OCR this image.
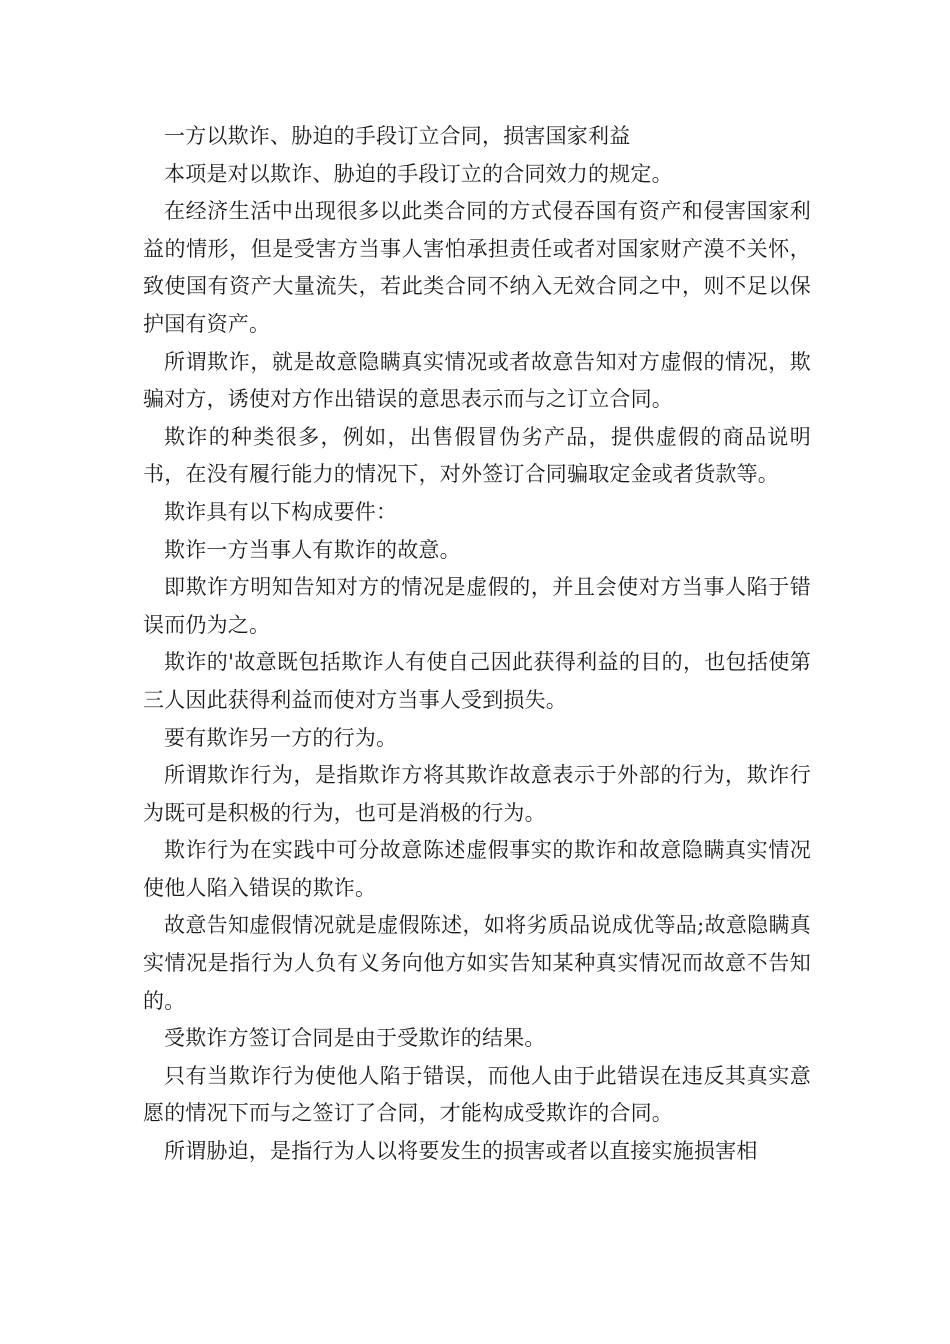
一方以欺诈、胁迫的手段订立合同，损害国家利益

本项是对以欺诈、胁迫的手段订立的合同效力的规定。

在经济生活中出现很多以此类合同的方式侵吞国有资产和侵害国家利益的情形，但是受害方当事人害怕承担责任或者对国家财产漠不关怀，致使国有资产大量流失，若此类合同不纳入无效合同之中，则不足以保护国有资产。

所谓欺诈，就是故意隐瞒真实情况或者故意告知对方虚假的情况，欺骗对方，诱使对方作出错误的意思表示而与之订立合同。

欺诈的种类很多，例如，出售假冒伪劣产品，提供虚假的商品说明书，在没有履行能力的情况下，对外签订合同骗取定金或者货款等。

欺诈具有以下构成要件：

欺诈一方当事人有欺诈的故意。

即欺诈方明知告知对方的情况是虚假的，并且会使对方当事人陷于错误而仍为之。

欺诈的'故意既包括欺诈人有使自己因此获得利益的目的，也包括使第三人因此获得利益而使对方当事人受到损失。

要有欺诈另一方的行为。

所谓欺诈行为，是指欺诈方将其欺诈故意表示于外部的行为，欺诈行为既可是积极的行为，也可是消极的行为。

欺诈行为在实践中可分故意陈述虚假事实的欺诈和故意隐瞒真实情况使他人陷入错误的欺诈。

故意告知虚假情况就是虚假陈述，如将劣质品说成优等品;故意隐瞒真实情况是指行为人负有义务向他方如实告知某种真实情况而故意不告知的。

受欺诈方签订合同是由于受欺诈的结果。

只有当欺诈行为使他人陷于错误，而他人由于此错误在违反其真实意愿的情况下而与之签订了合同，才能构成受欺诈的合同。

所谓胁迫，是指行为人以将要发生的损害或者以直接实施损害相
